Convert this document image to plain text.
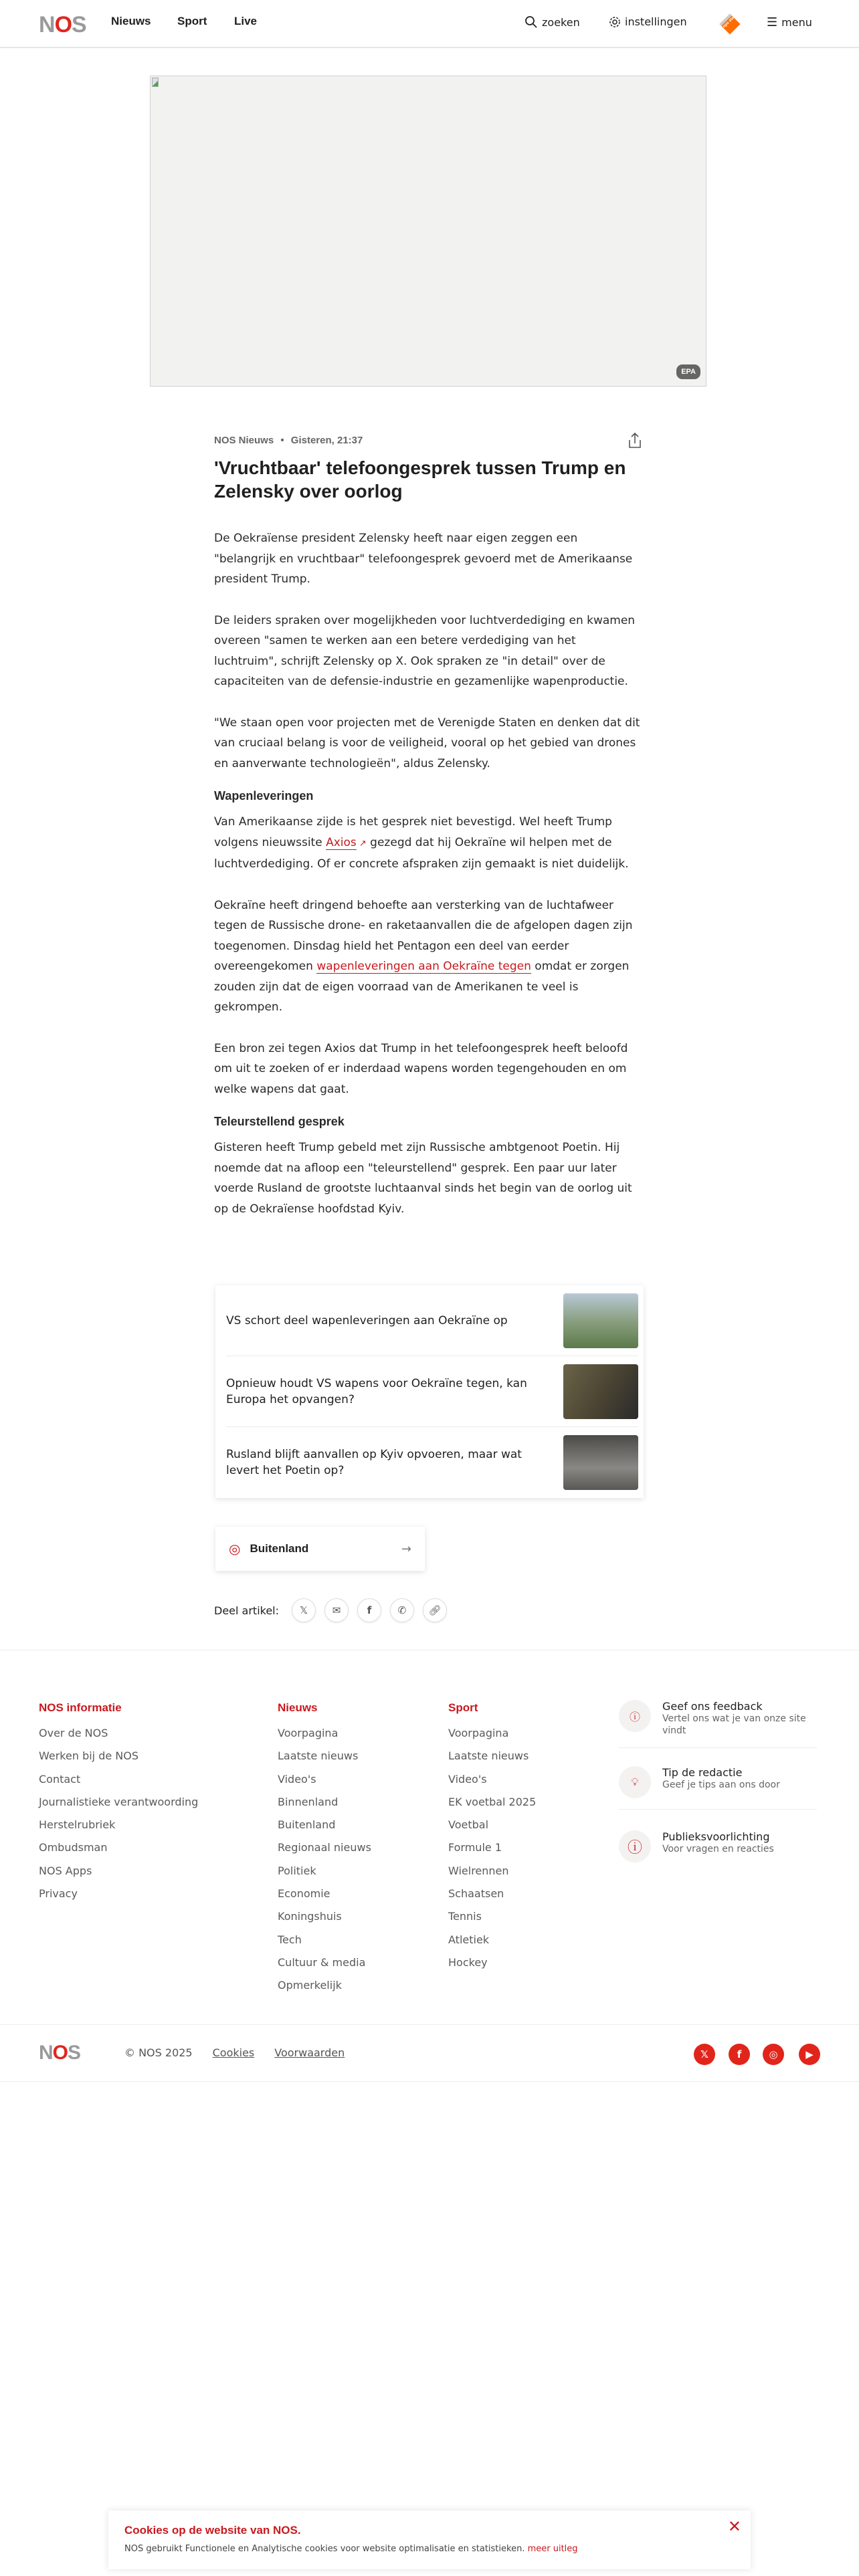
NOS Nieuws Sport Live	zoeken	instellingen	npo start ☰ menu
EPA
NOS Nieuws • Gisteren, 21:37
'Vruchtbaar' telefoongesprek tussen Trump en Zelensky over oorlog

De Oekraïense president Zelensky heeft naar eigen zeggen een "belangrijk en vruchtbaar" telefoongesprek gevoerd met de Amerikaanse president Trump.

De leiders spraken over mogelijkheden voor luchtverdediging en kwamen overeen "samen te werken aan een betere verdediging van het luchtruim", schrijft Zelensky op X. Ook spraken ze "in detail" over de capaciteiten van de defensie-industrie en gezamenlijke wapenproductie.

"We staan open voor projecten met de Verenigde Staten en denken dat dit van cruciaal belang is voor de veiligheid, vooral op het gebied van drones en aanverwante technologieën", aldus Zelensky.

Wapenleveringen

Van Amerikaanse zijde is het gesprek niet bevestigd. Wel heeft Trump volgens nieuwssite Axios ↗ gezegd dat hij Oekraïne wil helpen met de luchtverdediging. Of er concrete afspraken zijn gemaakt is niet duidelijk.

Oekraïne heeft dringend behoefte aan versterking van de luchtafweer tegen de Russische drone- en raketaanvallen die de afgelopen dagen zijn toegenomen. Dinsdag hield het Pentagon een deel van eerder overeengekomen wapenleveringen aan Oekraïne tegen omdat er zorgen zouden zijn dat de eigen voorraad van de Amerikanen te veel is gekrompen.

Een bron zei tegen Axios dat Trump in het telefoongesprek heeft beloofd om uit te zoeken of er inderdaad wapens worden tegengehouden en om welke wapens dat gaat.

Teleurstellend gesprek

Gisteren heeft Trump gebeld met zijn Russische ambtgenoot Poetin. Hij noemde dat na afloop een "teleurstellend" gesprek. Een paar uur later voerde Rusland de grootste luchtaanval sinds het begin van de oorlog uit op de Oekraïense hoofdstad Kyiv.

VS schort deel wapenleveringen aan Oekraïne op
Opnieuw houdt VS wapens voor Oekraïne tegen, kan Europa het opvangen?
Rusland blijft aanvallen op Kyiv opvoeren, maar wat levert het Poetin op?
◎ Buitenland	→
Deel artikel:	𝕏	✉	f	✆	🔗︎
NOS informatie
Over de NOS
Werken bij de NOS
Contact
Journalistieke verantwoording
Herstelrubriek
Ombudsman
NOS Apps
Privacy
Nieuws
Voorpagina
Laatste nieuws
Video's
Binnenland
Buitenland
Regionaal nieuws
Politiek
Economie
Koningshuis
Tech
Cultuur & media
Opmerkelijk
Sport
Voorpagina
Laatste nieuws
Video's
EK voetbal 2025
Voetbal
Formule 1
Wielrennen
Schaatsen
Tennis
Atletiek
Hockey
ⓘ
Geef ons feedback
Vertel ons wat je van onze site vindt
💡︎
Tip de redactie
Geef je tips aan ons door
ⓘ
Publieksvoorlichting
Voor vragen en reacties
NOS	© NOS 2025 Cookies Voorwaarden	𝕏	f	◎	▶
Cookies op de website van NOS.

NOS gebruikt Functionele en Analytische cookies voor website optimalisatie en statistieken. meer uitleg

✕
